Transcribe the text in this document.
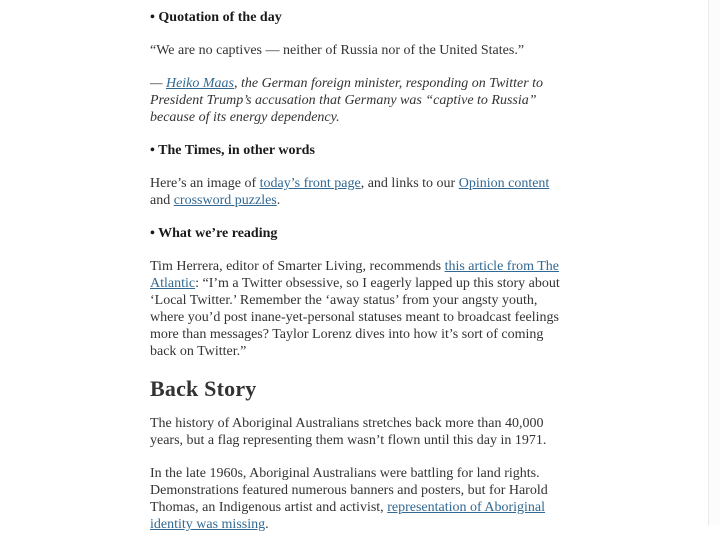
• Quotation of the day

“We are no captives — neither of Russia nor of the United States.”

— Heiko Maas, the German foreign minister, responding on Twitter to President Trump’s accusation that Germany was “captive to Russia” because of its energy dependency.

• The Times, in other words

Here’s an image of today’s front page, and links to our Opinion content and crossword puzzles.

• What we’re reading

Tim Herrera, editor of Smarter Living, recommends this article from The Atlantic: “I’m a Twitter obsessive, so I eagerly lapped up this story about ‘Local Twitter.’ Remember the ‘away status’ from your angsty youth, where you’d post inane-yet-personal statuses meant to broadcast feelings more than messages? Taylor Lorenz dives into how it’s sort of coming back on Twitter.”

Back Story

The history of Aboriginal Australians stretches back more than 40,000 years, but a flag representing them wasn’t flown until this day in 1971.

In the late 1960s, Aboriginal Australians were battling for land rights. Demonstrations featured numerous banners and posters, but for Harold Thomas, an Indigenous artist and activist, representation of Aboriginal identity was missing.
